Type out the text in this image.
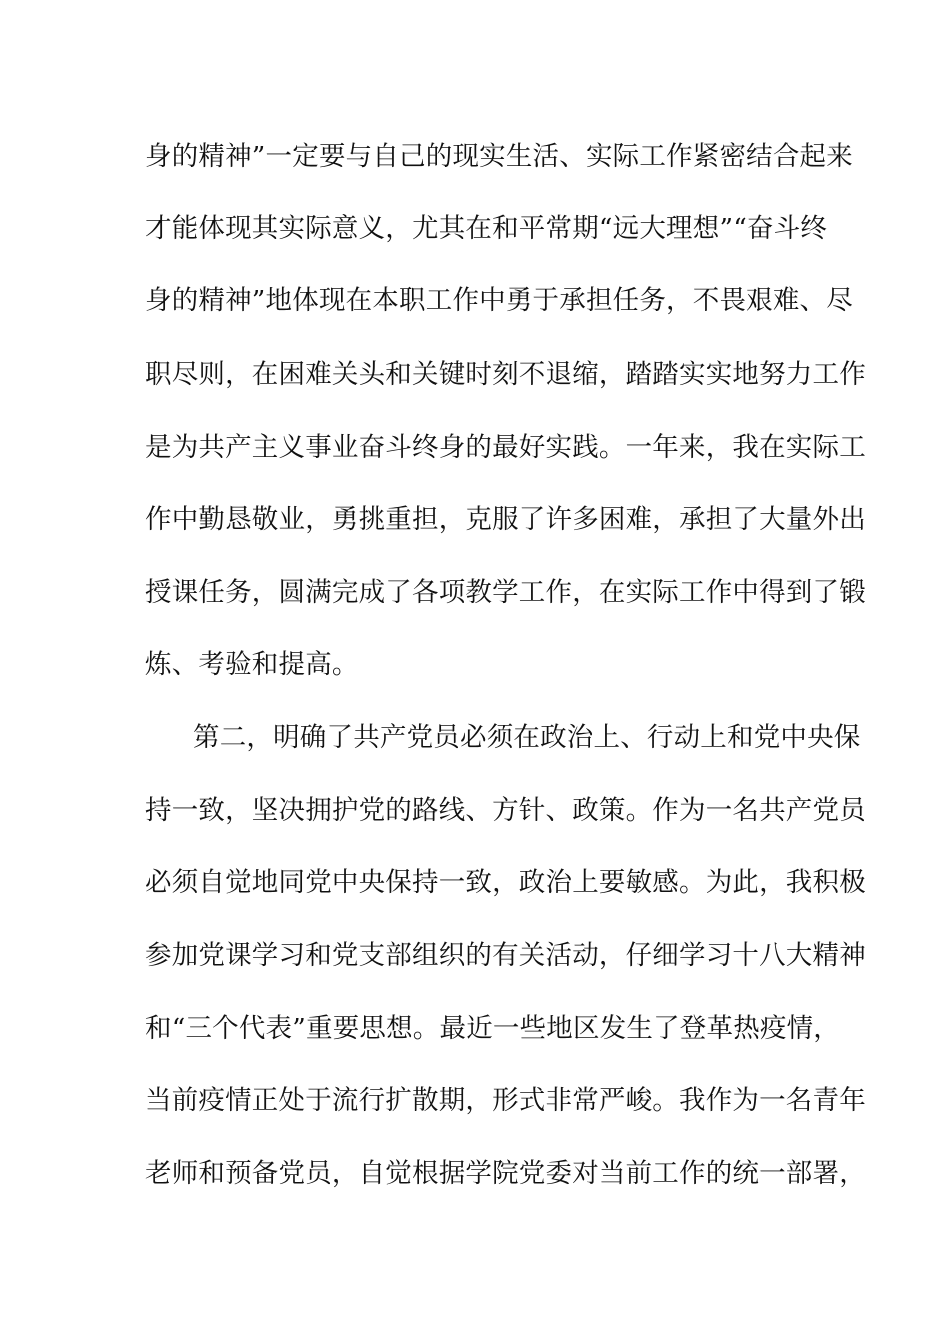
身的精神”一定要与自己的现实生活、实际工作紧密结合起来
才能体现其实际意义，尤其在和平常期“远大理想”“奋斗终
身的精神”地体现在本职工作中勇于承担任务，不畏艰难、尽
职尽则，在困难关头和关键时刻不退缩，踏踏实实地努力工作
是为共产主义事业奋斗终身的最好实践。一年来，我在实际工
作中勤恳敬业，勇挑重担，克服了许多困难，承担了大量外出
授课任务，圆满完成了各项教学工作，在实际工作中得到了锻
炼、考验和提高。
第二，明确了共产党员必须在政治上、行动上和党中央保
持一致，坚决拥护党的路线、方针、政策。作为一名共产党员
必须自觉地同党中央保持一致，政治上要敏感。为此，我积极
参加党课学习和党支部组织的有关活动，仔细学习十八大精神
和“三个代表”重要思想。最近一些地区发生了登革热疫情，
当前疫情正处于流行扩散期，形式非常严峻。我作为一名青年
老师和预备党员，自觉根据学院党委对当前工作的统一部署，
